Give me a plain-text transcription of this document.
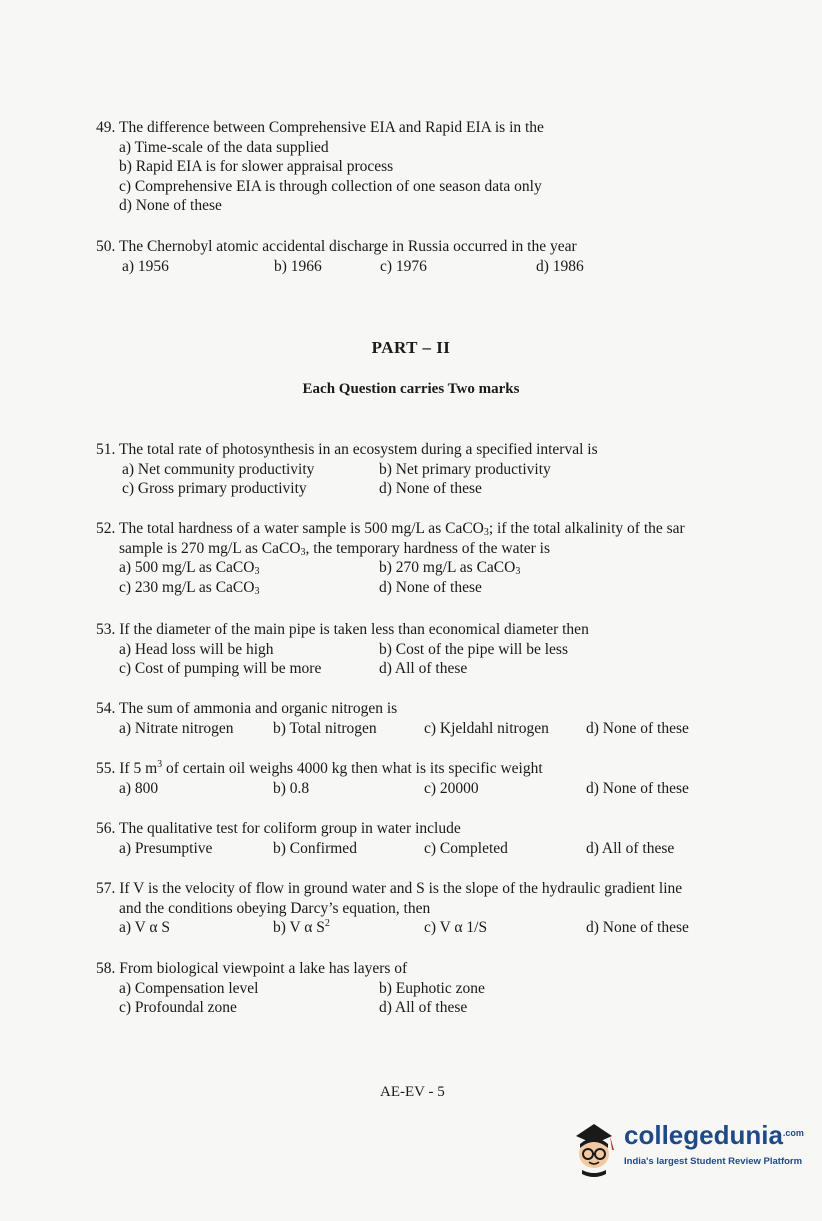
49. The difference between Comprehensive EIA and Rapid EIA is in the
a) Time-scale of the data supplied
b) Rapid EIA is for slower appraisal process
c) Comprehensive EIA is through collection of one season data only
d) None of these
50. The Chernobyl atomic accidental discharge in Russia occurred in the year
a) 1956	b) 1966	c) 1976	d) 1986
PART – II
Each Question carries Two marks
51. The total rate of photosynthesis in an ecosystem during a specified interval is
a) Net community productivity	b) Net primary productivity
c) Gross primary productivity	d) None of these
52. The total hardness of a water sample is 500 mg/L as CaCO$_3$; if the total alkalinity of the sar
sample is 270 mg/L as CaCO$_3$, the temporary hardness of the water is
a) 500 mg/L as CaCO$_3$	b) 270 mg/L as CaCO$_3$
c) 230 mg/L as CaCO$_3$	d) None of these
53. If the diameter of the main pipe is taken less than economical diameter then
a) Head loss will be high	b) Cost of the pipe will be less
c) Cost of pumping will be more	d) All of these
54. The sum of ammonia and organic nitrogen is
a) Nitrate nitrogen	b) Total nitrogen	c) Kjeldahl nitrogen d) None of these
55. If 5 $m^3$ of certain oil weighs 4000 kg then what is its specific weight
a) 800	b) 0.8	c) 20000	d) None of these
56. The qualitative test for coliform group in water include
a) Presumptive	b) Confirmed	c) Completed	d) All of these
57. If V is the velocity of flow in ground water and S is the slope of the hydraulic gradient line
and the conditions obeying Darcy’s equation, then
a) V α S	b) V α $S^2$	c) V α 1/S	d) None of these
58. From biological viewpoint a lake has layers of
a) Compensation level	b) Euphotic zone
c) Profoundal zone	d) All of these
AE-EV - 5
collegedunia$^{.com}$
India's largest Student Review Platform
